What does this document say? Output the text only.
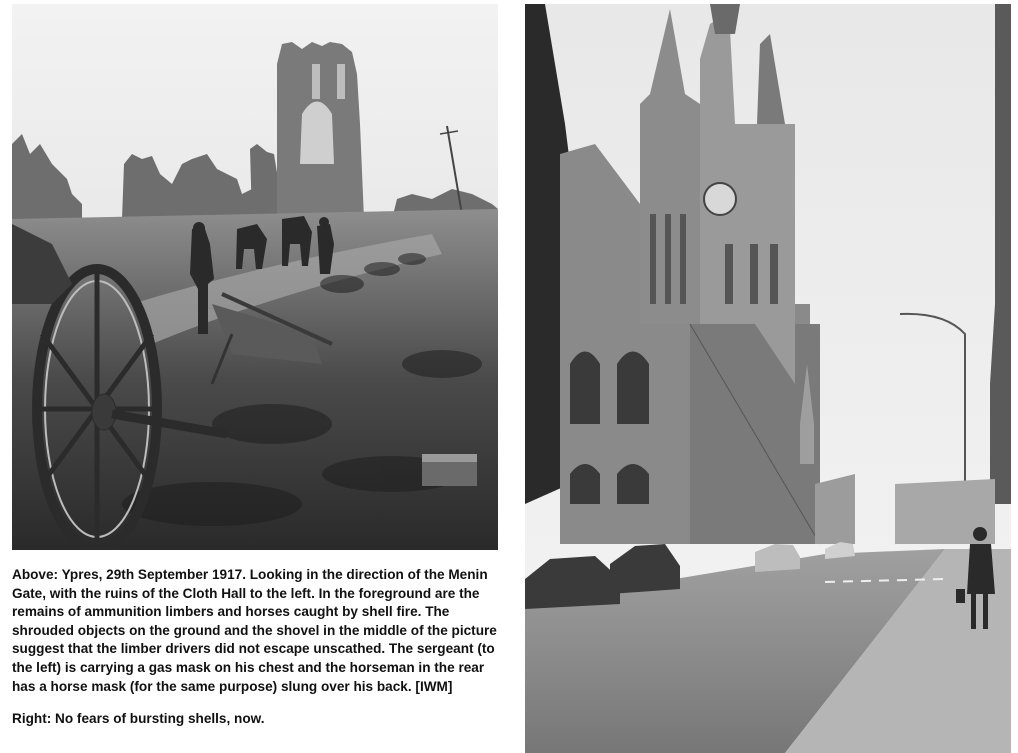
Above: Ypres, 29th September 1917. Looking in the direction of the Menin Gate, with the ruins of the Cloth Hall to the left. In the foreground are the remains of ammunition limbers and horses caught by shell fire. The shrouded objects on the ground and the shovel in the middle of the picture suggest that the limber drivers did not escape unscathed. The sergeant (to the left) is carrying a gas mask on his chest and the horseman in the rear has a horse mask (for the same purpose) slung over his back. [IWM]

Right: No fears of bursting shells, now.
